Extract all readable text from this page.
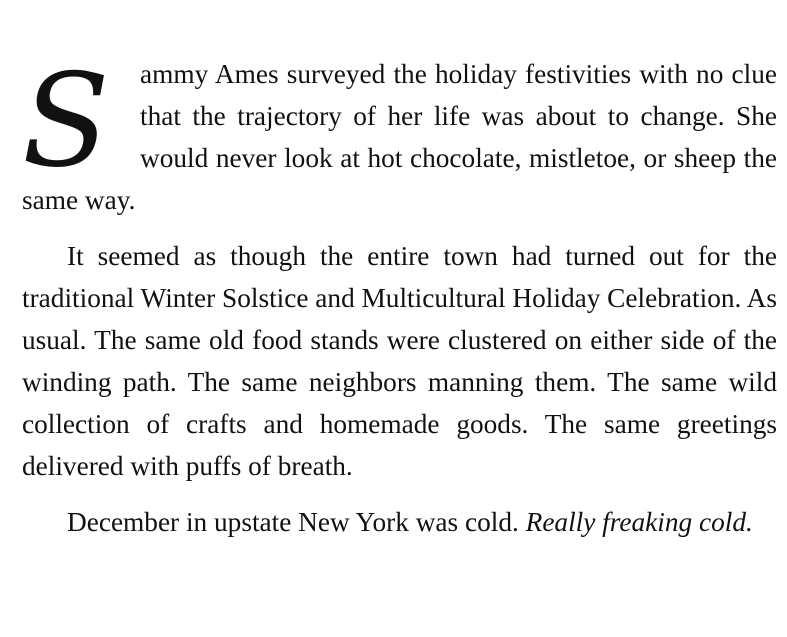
S	ammy Ames surveyed the holiday festivities with no clue that the trajectory of her life was about to change. She would never look at hot chocolate, mistletoe, or sheep the same way.

It seemed as though the entire town had turned out for the traditional Winter Solstice and Multicultural Holiday Celebration. As usual. The same old food stands were clustered on either side of the winding path. The same neighbors manning them. The same wild collection of crafts and homemade goods. The same greetings delivered with puffs of breath.

December in upstate New York was cold. Really freaking cold.
